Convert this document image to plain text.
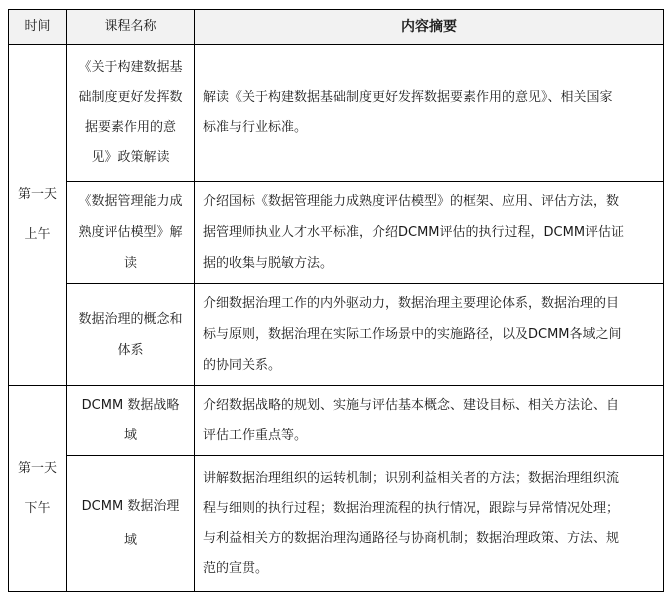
时间	课程名称	内容摘要

第一天
上午	《关于构建数据基
础制度更好发挥数
据要素作用的意
见》政策解读	解读《关于构建数据基础制度更好发挥数据要素作用的意见》、相关国家
标准与行业标准。

	《数据管理能力成
熟度评估模型》解
读	介绍国标《数据管理能力成熟度评估模型》的框架、应用、评估方法，数
据管理师执业人才水平标准，介绍DCMM评估的执行过程，DCMM评估证
据的收集与脱敏方法。

	数据治理的概念和
体系	介细数据治理工作的内外驱动力，数据治理主要理论体系，数据治理的目
标与原则，数据治理在实际工作场景中的实施路径，以及DCMM各域之间
的协同关系。

第一天
下午	DCMM 数据战略
域	介绍数据战略的规划、实施与评估基本概念、建设目标、相关方法论、自
评估工作重点等。

	DCMM 数据治理
域	讲解数据治理组织的运转机制；识别利益相关者的方法；数据治理组织流
程与细则的执行过程；数据治理流程的执行情况，跟踪与异常情况处理；
与利益相关方的数据治理沟通路径与协商机制；数据治理政策、方法、规
范的宣贯。
